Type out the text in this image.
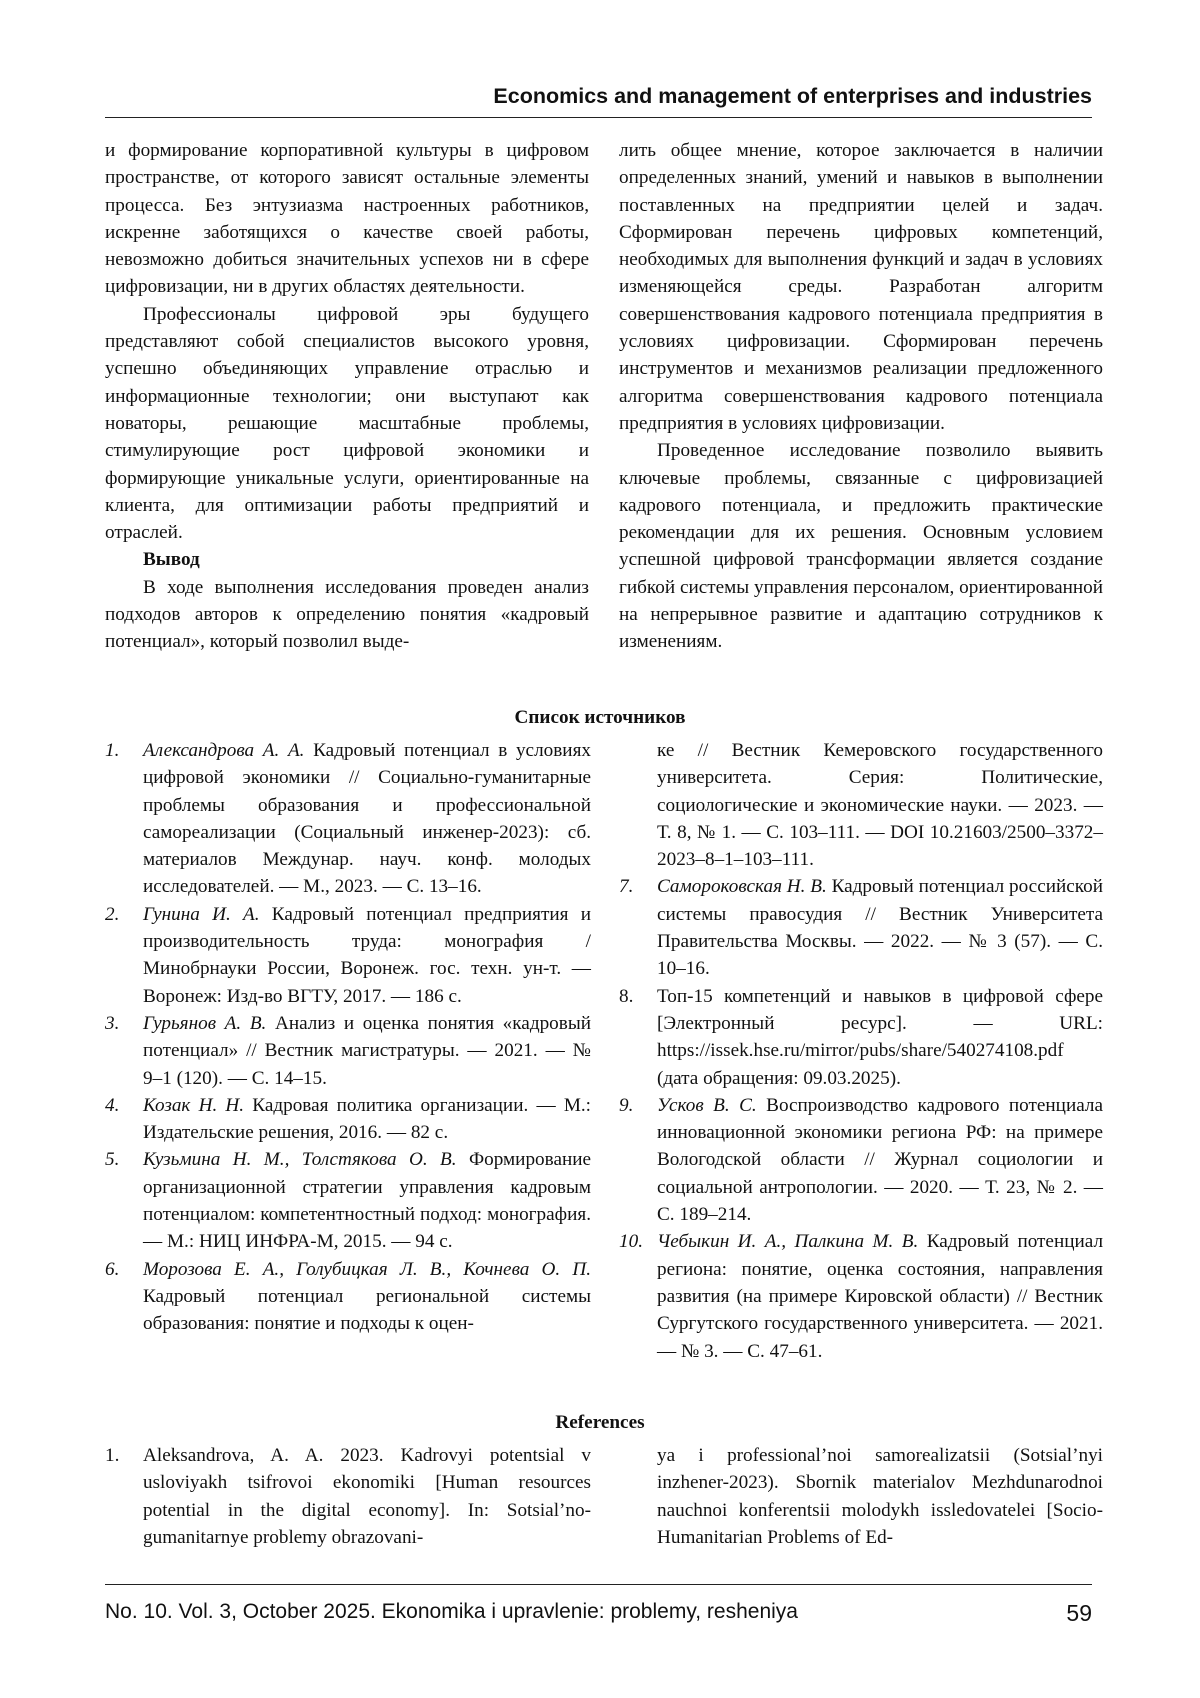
Economics and management of enterprises and industries

и формирование корпоративной культуры в цифровом пространстве, от которого зависят остальные элементы процесса. Без энтузиазма настроенных работников, искренне заботящихся о качестве своей работы, невозможно добиться значительных успехов ни в сфере цифровизации, ни в других областях деятельности.

Профессионалы цифровой эры будущего представляют собой специалистов высокого уровня, успешно объединяющих управление отраслью и информационные технологии; они выступают как новаторы, решающие масштабные проблемы, стимулирующие рост цифровой экономики и формирующие уникальные услуги, ориентированные на клиента, для оптимизации работы предприятий и отраслей.

Вывод

В ходе выполнения исследования проведен анализ подходов авторов к определению понятия «кадровый потенциал», который позволил выде-

лить общее мнение, которое заключается в наличии определенных знаний, умений и навыков в выполнении поставленных на предприятии целей и задач. Сформирован перечень цифровых компетенций, необходимых для выполнения функций и задач в условиях изменяющейся среды. Разработан алгоритм совершенствования кадрового потенциала предприятия в условиях цифровизации. Сформирован перечень инструментов и механизмов реализации предложенного алгоритма совершенствования кадрового потенциала предприятия в условиях цифровизации.

Проведенное исследование позволило выявить ключевые проблемы, связанные с цифровизацией кадрового потенциала, и предложить практические рекомендации для их решения. Основным условием успешной цифровой трансформации является создание гибкой системы управления персоналом, ориентированной на непрерывное развитие и адаптацию сотрудников к изменениям.

Список источников
1.	Александрова А. А. Кадровый потенциал в условиях цифровой экономики // Социально-гуманитарные проблемы образования и профессиональной самореализации (Социальный инженер-2023): сб. материалов Междунар. науч. конф. молодых исследователей. — М., 2023. — С. 13–16.
2.	Гунина И. А. Кадровый потенциал предприятия и производительность труда: монография / Минобрнауки России, Воронеж. гос. техн. ун-т. — Воронеж: Изд-во ВГТУ, 2017. — 186 с.
3.	Гурьянов А. В. Анализ и оценка понятия «кадровый потенциал» // Вестник магистратуры. — 2021. — № 9–1 (120). — С. 14–15.
4.	Козак Н. Н. Кадровая политика организации. — М.: Издательские решения, 2016. — 82 с.
5.	Кузьмина Н. М., Толстякова О. В. Формирование организационной стратегии управления кадровым потенциалом: компетентностный подход: монография. — М.: НИЦ ИНФРА-М, 2015. — 94 с.
6.	Морозова Е. А., Голубицкая Л. В., Кочнева О. П. Кадровый потенциал региональной системы образования: понятие и подходы к оцен-
ке // Вестник Кемеровского государственного университета. Серия: Политические, социологические и экономические науки. — 2023. — Т. 8, № 1. — С. 103–111. — DOI 10.21603/2500–3372–2023–8–1–103–111.
7.	Самороковская Н. В. Кадровый потенциал российской системы правосудия // Вестник Университета Правительства Москвы. — 2022. — № 3 (57). — С. 10–16.
8.	Топ-15 компетенций и навыков в цифровой сфере [Электронный ресурс]. — URL: https://issek.hse.ru/mirror/pubs/share/540274108.pdf (дата обращения: 09.03.2025).
9.	Усков В. С. Воспроизводство кадрового потенциала инновационной экономики региона РФ: на примере Вологодской области // Журнал социологии и социальной антропологии. — 2020. — Т. 23, № 2. — С. 189–214.
10. Чебыкин И. А., Палкина М. В. Кадровый потенциал региона: понятие, оценка состояния, направления развития (на примере Кировской области) // Вестник Сургутского государственного университета. — 2021. — № 3. — С. 47–61.
References
1.	Aleksandrova, A. A. 2023. Kadrovyi potentsial v usloviyakh tsifrovoi ekonomiki [Human resources potential in the digital economy]. In: Sotsial’no-gumanitarnye problemy obrazovani-
ya i professional’noi samorealizatsii (Sotsial’nyi inzhener-2023). Sbornik materialov Mezhdunarodnoi nauchnoi konferentsii molodykh issledovatelei [Socio-Humanitarian Problems of Ed-
No. 10. Vol. 3, October 2025. Ekonomika i upravlenie: problemy, resheniya	59
